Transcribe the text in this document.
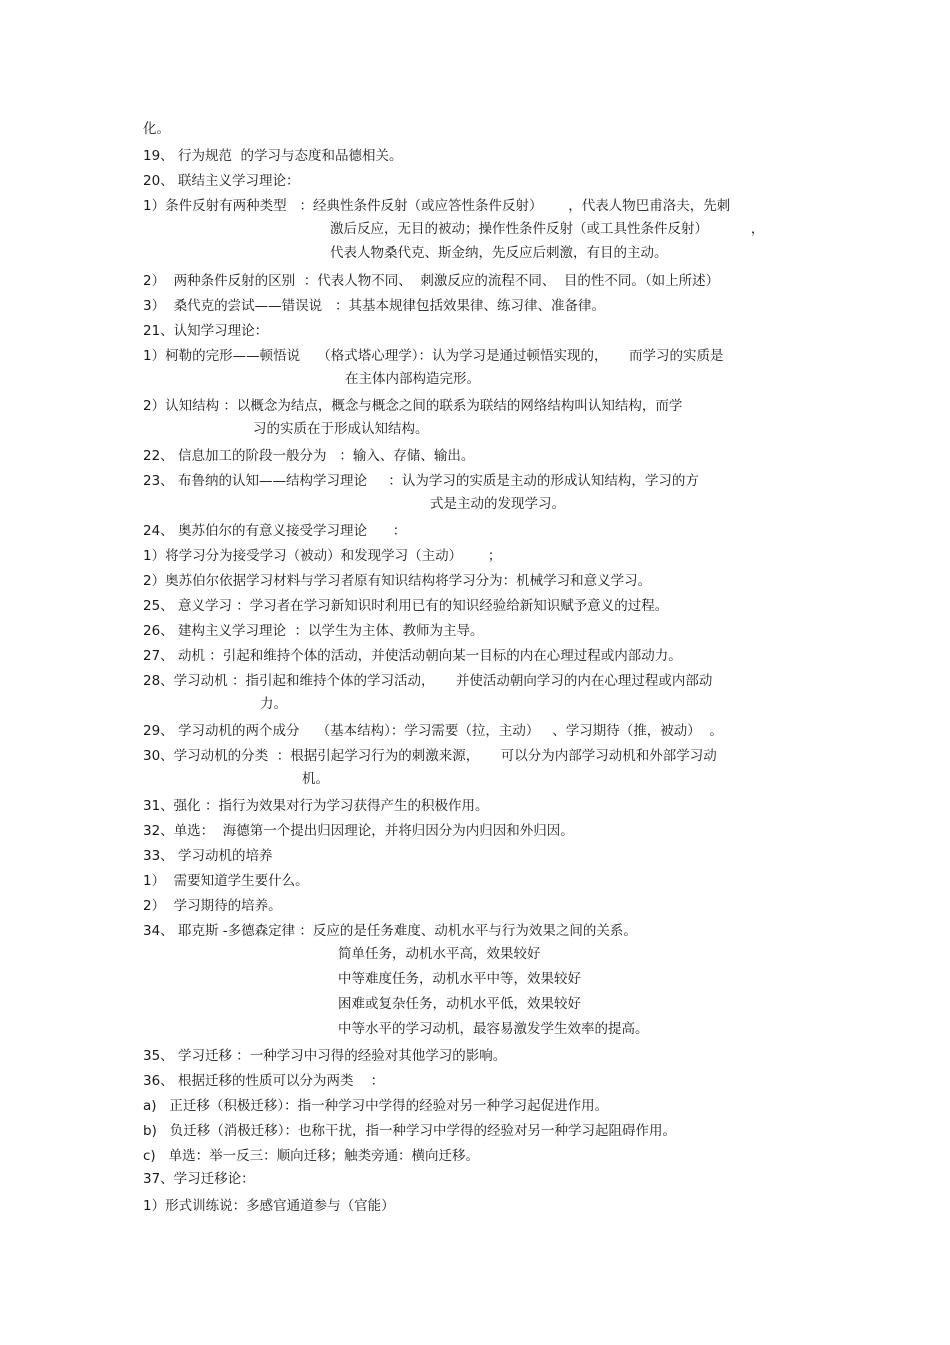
化。
19、 行为规范  的学习与态度和品德相关。
20、 联结主义学习理论：
1）条件反射有两种类型   ：经典性条件反射（或应答性条件反射）      ，代表人物巴甫洛夫，先刺
激后反应，无目的被动；操作性条件反射（或工具性条件反射）          ，
代表人物桑代克、斯金纳，先反应后刺激，有目的主动。
2）  两种条件反射的区别  ：代表人物不同、  刺激反应的流程不同、  目的性不同。（如上所述）
3）  桑代克的尝试——错误说   ：其基本规律包括效果律、练习律、准备律。
21、认知学习理论：
1）柯勒的完形——顿悟说    （格式塔心理学）：认为学习是通过顿悟实现的，     而学习的实质是
在主体内部构造完形。
2）认知结构 ：以概念为结点，概念与概念之间的联系为联结的网络结构叫认知结构，而学
习的实质在于形成认知结构。
22、 信息加工的阶段一般分为   ：输入、存储、输出。
23、 布鲁纳的认知——结构学习理论     ：认为学习的实质是主动的形成认知结构，学习的方
式是主动的发现学习。
24、 奥苏伯尔的有意义接受学习理论      ：
1）将学习分为接受学习（被动）和发现学习（主动）      ；
2）奥苏伯尔依据学习材料与学习者原有知识结构将学习分为：机械学习和意义学习。
25、 意义学习 ：学习者在学习新知识时利用已有的知识经验给新知识赋予意义的过程。
26、 建构主义学习理论  ：以学生为主体、教师为主导。
27、 动机 ：引起和维持个体的活动，并使活动朝向某一目标的内在心理过程或内部动力。
28、学习动机 ：指引起和维持个体的学习活动，     并使活动朝向学习的内在心理过程或内部动
力。
29、 学习动机的两个成分    （基本结构）：学习需要（拉，主动）   、学习期待（推，被动）  。
30、学习动机的分类  ：根据引起学习行为的刺激来源，     可以分为内部学习动机和外部学习动
机。
31、强化 ：指行为效果对行为学习获得产生的积极作用。
32、单选：  海德第一个提出归因理论，并将归因分为内归因和外归因。
33、 学习动机的培养
1）  需要知道学生要什么。
2）  学习期待的培养。
34、 耶克斯 -多德森定律 ：反应的是任务难度、动机水平与行为效果之间的关系。
简单任务，动机水平高，效果较好
中等难度任务，动机水平中等，效果较好
困难或复杂任务，动机水平低，效果较好
中等水平的学习动机，最容易激发学生效率的提高。
35、 学习迁移 ：一种学习中习得的经验对其他学习的影响。
36、 根据迁移的性质可以分为两类    ：
a)   正迁移（积极迁移）：指一种学习中学得的经验对另一种学习起促进作用。
b)   负迁移（消极迁移）：也称干扰，指一种学习中学得的经验对另一种学习起阻碍作用。
c)   单选：举一反三：顺向迁移；触类旁通：横向迁移。
37、学习迁移论：
1）形式训练说：多感官通道参与（官能）
